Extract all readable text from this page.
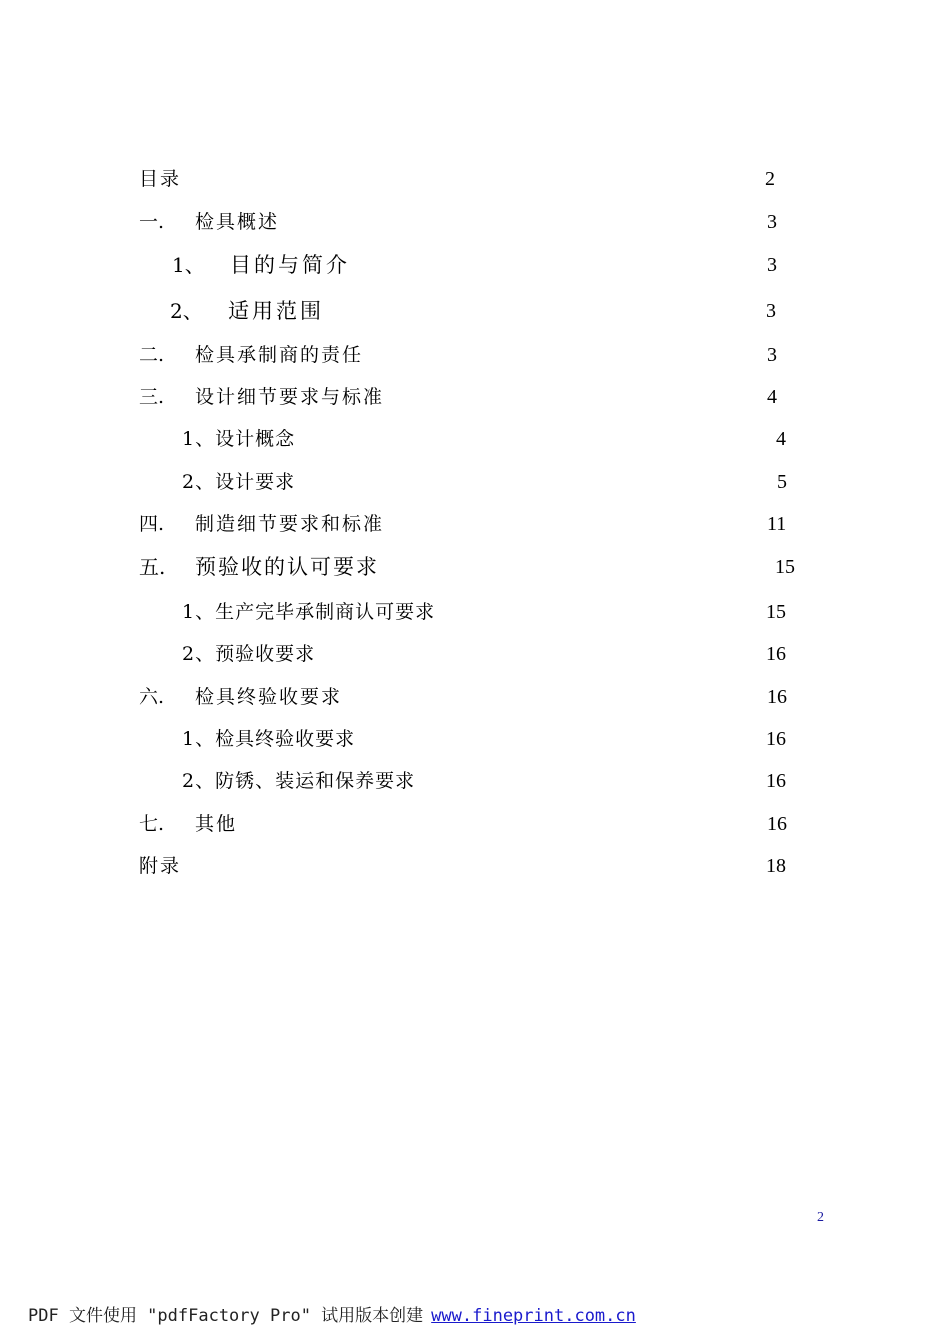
目录	2
一. 检具概述	3
1、 目的与简介	3
2、 适用范围	3
二. 检具承制商的责任	3
三. 设计细节要求与标准	4
1、设计概念	4
2、设计要求	5
四. 制造细节要求和标准	11
五. 预验收的认可要求	15
1、生产完毕承制商认可要求	15
2、预验收要求	16
六. 检具终验收要求	16
1、检具终验收要求	16
2、防锈、装运和保养要求	16
七. 其他	16
附录	18
2
PDF 文件使用 "pdfFactory Pro" 试用版本创建 www.fineprint.com.cn
